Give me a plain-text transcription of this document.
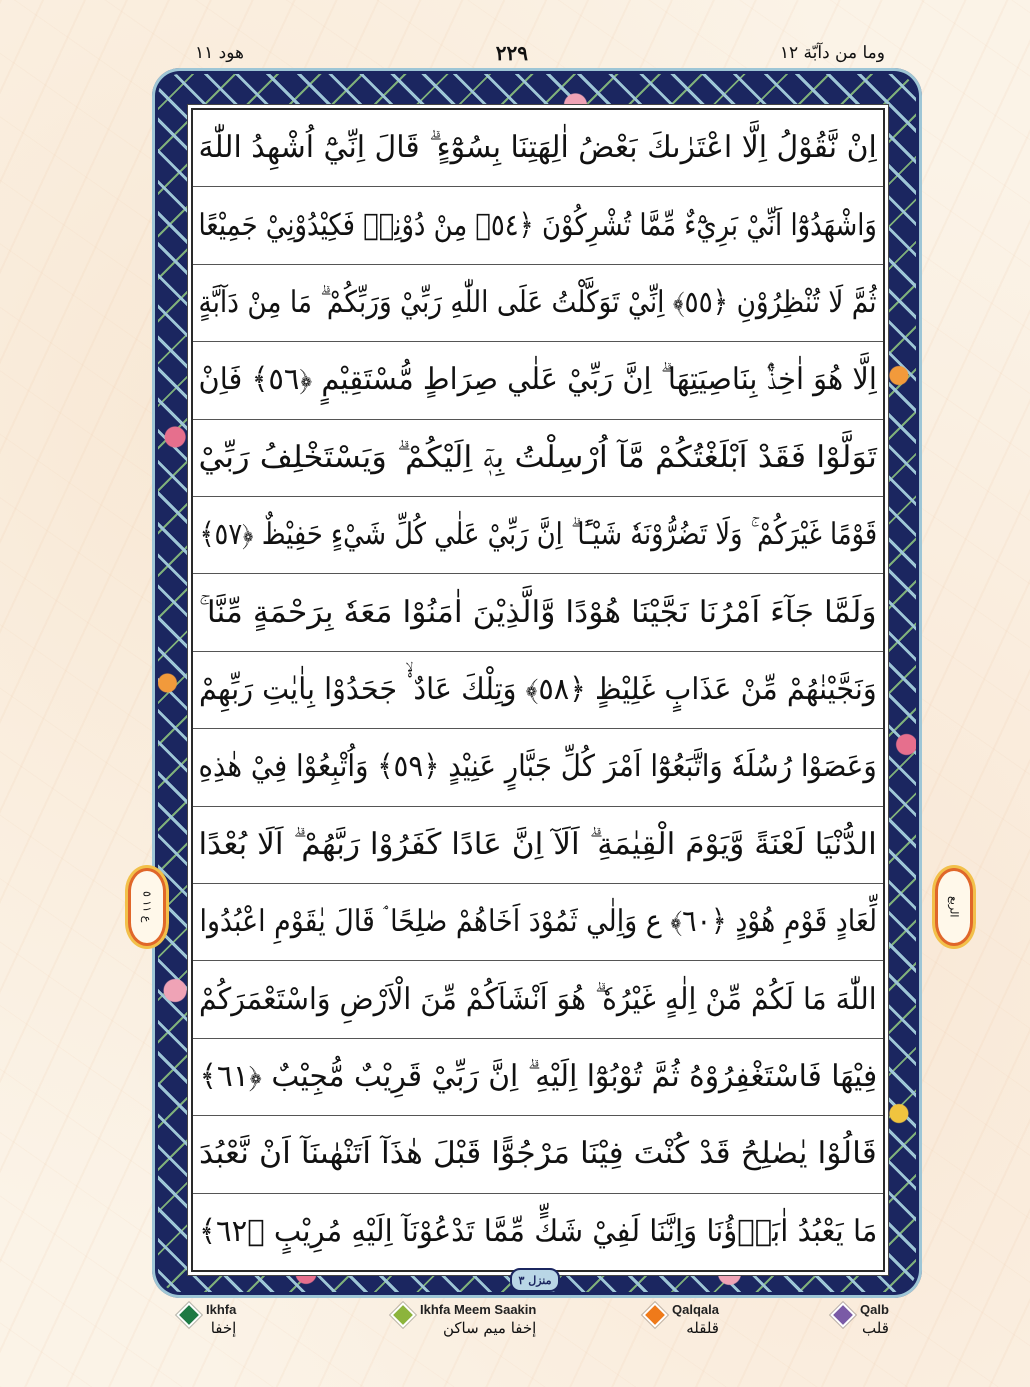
وما من دآبّة ١٢
٢٢٩
هود ١١
اِنْ نَّقُوْلُ اِلَّا اعْتَرٰىكَ بَعْضُ اٰلِهَتِنَا بِسُوْٓءٍ ۗ قَالَ اِنِّيْٓ اُشْهِدُ اللّٰهَ
وَاشْهَدُوْٓا اَنِّيْ بَرِيْٓءٌ مِّمَّا تُشْرِكُوْنَ ﴿٥٤﴾ مِنْ دُوْنِهٖ فَكِيْدُوْنِيْ جَمِيْعًا
ثُمَّ لَا تُنْظِرُوْنِ ﴿٥٥﴾ اِنِّيْ تَوَكَّلْتُ عَلَى اللّٰهِ رَبِّيْ وَرَبِّكُمْ ۗ مَا مِنْ دَآبَّةٍ
اِلَّا هُوَ اٰخِذٌۢ بِنَاصِيَتِهَا ۗ اِنَّ رَبِّيْ عَلٰي صِرَاطٍ مُّسْتَقِيْمٍ ﴿٥٦﴾ فَاِنْ
تَوَلَّوْا فَقَدْ اَبْلَغْتُكُمْ مَّآ اُرْسِلْتُ بِهٖٓ اِلَيْكُمْ ۗ وَيَسْتَخْلِفُ رَبِّيْ
قَوْمًا غَيْرَكُمْ ۚ وَلَا تَضُرُّوْنَهٗ شَيْـًٔا ۗ اِنَّ رَبِّيْ عَلٰي كُلِّ شَيْءٍ حَفِيْظٌ ﴿٥٧﴾
وَلَمَّا جَآءَ اَمْرُنَا نَجَّيْنَا هُوْدًا وَّالَّذِيْنَ اٰمَنُوْا مَعَهٗ بِرَحْمَةٍ مِّنَّا ۚ
وَنَجَّيْنٰهُمْ مِّنْ عَذَابٍ غَلِيْظٍ ﴿٥٨﴾ وَتِلْكَ عَادٌ ۟ۙ جَحَدُوْا بِاٰيٰتِ رَبِّهِمْ
وَعَصَوْا رُسُلَهٗ وَاتَّبَعُوْٓا اَمْرَ كُلِّ جَبَّارٍ عَنِيْدٍ ﴿٥٩﴾ وَاُتْبِعُوْا فِيْ هٰذِهِ
الدُّنْيَا لَعْنَةً وَّيَوْمَ الْقِيٰمَةِ ۗ اَلَآ اِنَّ عَادًا كَفَرُوْا رَبَّهُمْ ۗ اَلَا بُعْدًا
لِّعَادٍ قَوْمِ هُوْدٍ ﴿٦٠﴾ ع وَاِلٰي ثَمُوْدَ اَخَاهُمْ صٰلِحًا ۘ قَالَ يٰقَوْمِ اعْبُدُوا
اللّٰهَ مَا لَكُمْ مِّنْ اِلٰهٍ غَيْرُهٗ ۗ هُوَ اَنْشَاَكُمْ مِّنَ الْاَرْضِ وَاسْتَعْمَرَكُمْ
فِيْهَا فَاسْتَغْفِرُوْهُ ثُمَّ تُوْبُوْٓا اِلَيْهِ ۗ اِنَّ رَبِّيْ قَرِيْبٌ مُّجِيْبٌ ﴿٦١﴾
قَالُوْا يٰصٰلِحُ قَدْ كُنْتَ فِيْنَا مَرْجُوًّا قَبْلَ هٰذَآ اَتَنْهٰىنَآ اَنْ نَّعْبُدَ
مَا يَعْبُدُ اٰبَاۗؤُنَا وَاِنَّنَا لَفِيْ شَكٍّ مِّمَّا تَدْعُوْنَآ اِلَيْهِ مُرِيْبٍ ﴿٦٢﴾
ع ١١ ٥	الربع
منزل ٣
Ikhfa
إخفا
Ikhfa Meem Saakin
إخفا ميم ساكن
Qalqala
قلقله
Qalb
قلب
